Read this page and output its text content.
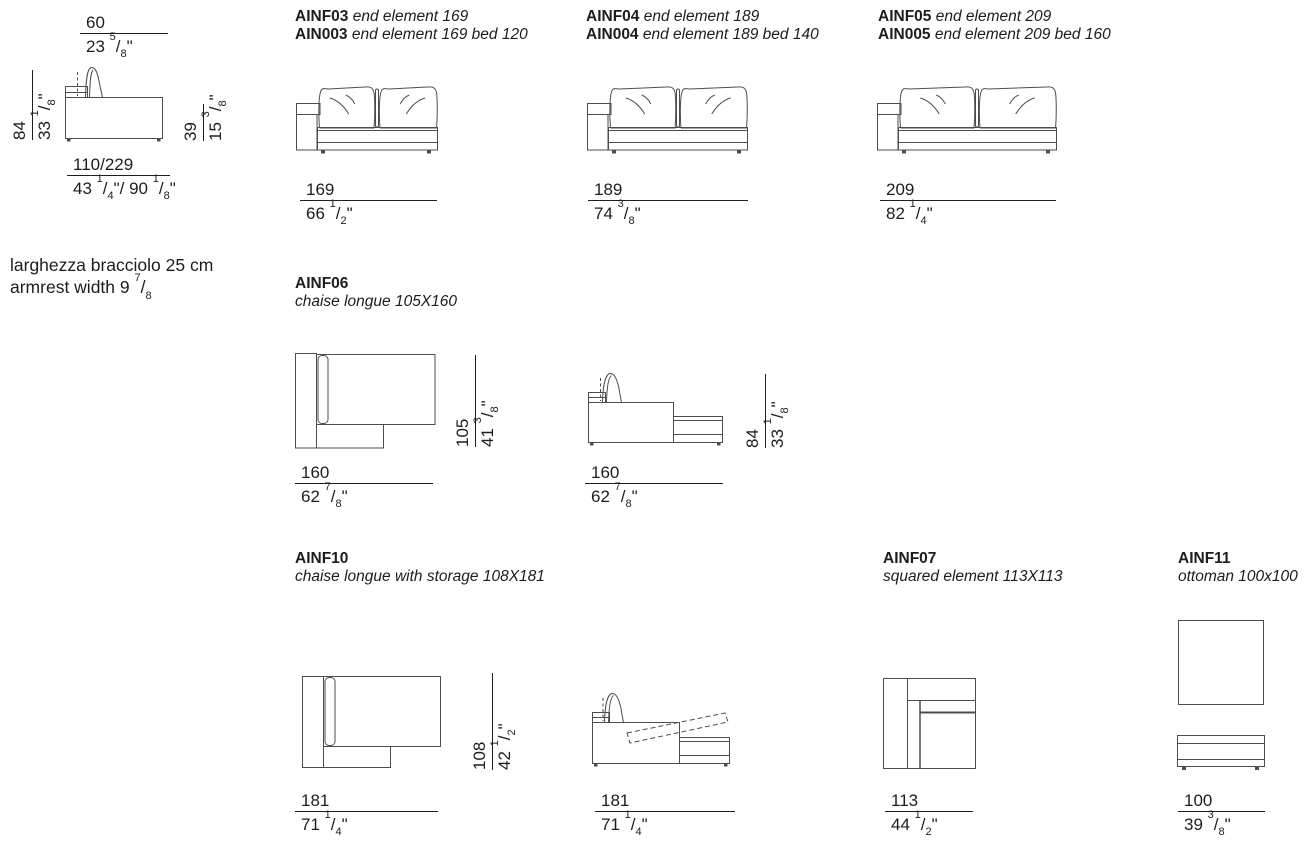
60
23 $^5/_8$"
84 33 $^1/_8$"
39 15 $^3/_8$"
110/229
43 $^1/_4"/$ 90 $^1/_8$"
larghezza bracciolo 25 cm
armrest width 9 $^7/_8$
AINF03 end element 169
AIN003 end element 169 bed 120
169
66 $^1/_2$"
AINF04 end element 189
AIN004 end element 189 bed 140
189
74 $^3/_8$"
AINF05 end element 209
AIN005 end element 209 bed 160
209
82 $^1/_4$"
AINF06
chaise longue 105X160
105 41 $^3/_8$"
160
62 $^7/_8$"
84 33 $^1/_8$"
160
62 $^7/_8$"
AINF10
chaise longue with storage 108X181
108 42 $^1/_2$"
181
71 $^1/_4$"
181
71 $^1/_4$"
AINF07
squared element 113X113
113
44 $^1/_2$"
AINF11
ottoman 100x100
100
39 $^3/_8$"
